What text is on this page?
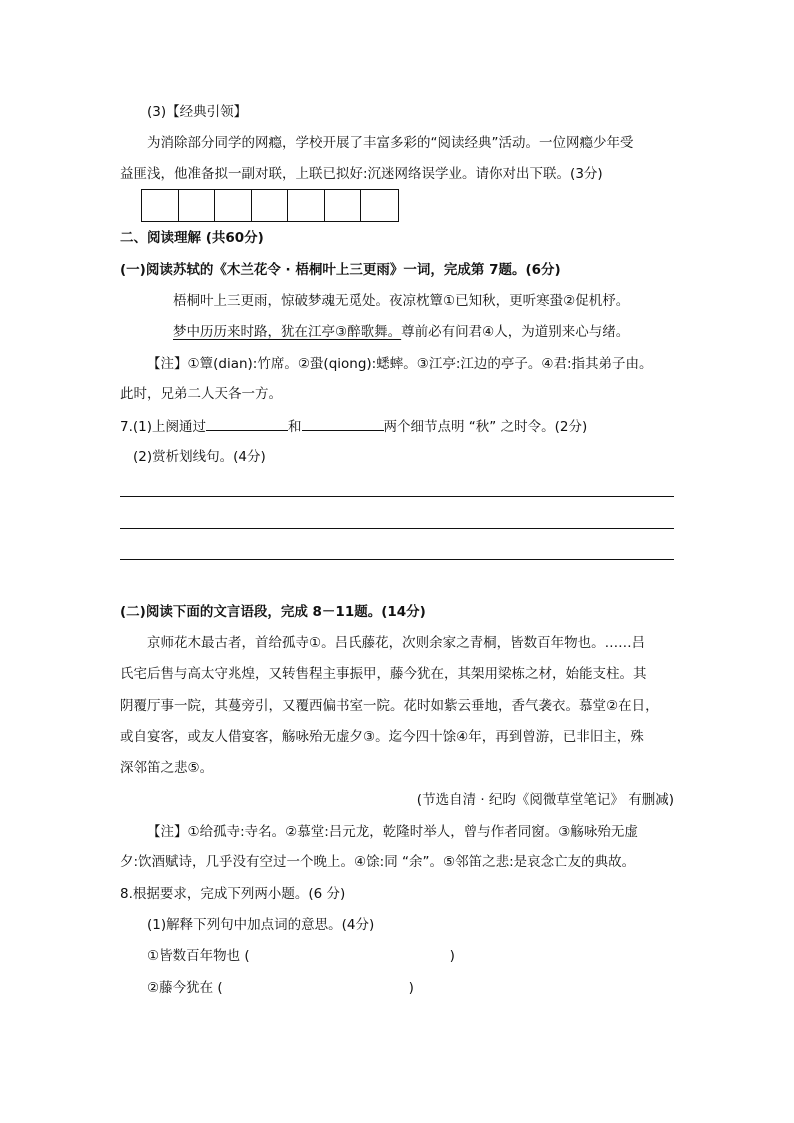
(3)【经典引领】
为消除部分同学的网瘾，学校开展了丰富多彩的“阅读经典”活动。一位网瘾少年受
益匪浅，他准备拟一副对联，上联已拟好:沉迷网络误学业。请你对出下联。(3分)
二、阅读理解 (共60分)
(一)阅读苏轼的《木兰花令 · 梧桐叶上三更雨》一词，完成第 7题。(6分)
梧桐叶上三更雨，惊破梦魂无觅处。夜凉枕簟①已知秋，更听寒蛩②促机杼。
梦中历历来时路，犹在江亭③醉歌舞。尊前必有问君④人，为道别来心与绪。
【注】①簟(dian):竹席。②蛩(qiong):蟋蟀。③江亭:江边的亭子。④君:指其弟子由。
此时，兄弟二人天各一方。
7.(1)上阕通过	和	两个细节点明 “秋” 之时令。(2分)
(2)赏析划线句。(4分)
(二)阅读下面的文言语段，完成 8－11题。(14分)
京师花木最古者，首给孤寺①。吕氏藤花，次则余家之青桐，皆数百年物也。……吕
氏宅后售与高太守兆煌，又转售程主事振甲，藤今犹在，其架用梁栋之材，始能支柱。其
阴覆厅事一院，其蔓旁引，又覆西偏书室一院。花时如紫云垂地，香气袭衣。慕堂②在日，
或自宴客，或友人借宴客，觞咏殆无虚夕③。迄今四十馀④年，再到曾游，已非旧主，殊
深邻笛之悲⑤。
(节选自清 · 纪昀《阅微草堂笔记》 有删减)
【注】①给孤寺:寺名。②慕堂:吕元龙，乾隆时举人，曾与作者同窗。③觞咏殆无虚
夕:饮酒赋诗，几乎没有空过一个晚上。④馀:同 “余”。⑤邻笛之悲:是哀念亡友的典故。
8.根据要求，完成下列两小题。(6 分)
(1)解释下列句中加点词的意思。(4分)
①皆数百年物也 (	)
②藤今犹在 (	)
